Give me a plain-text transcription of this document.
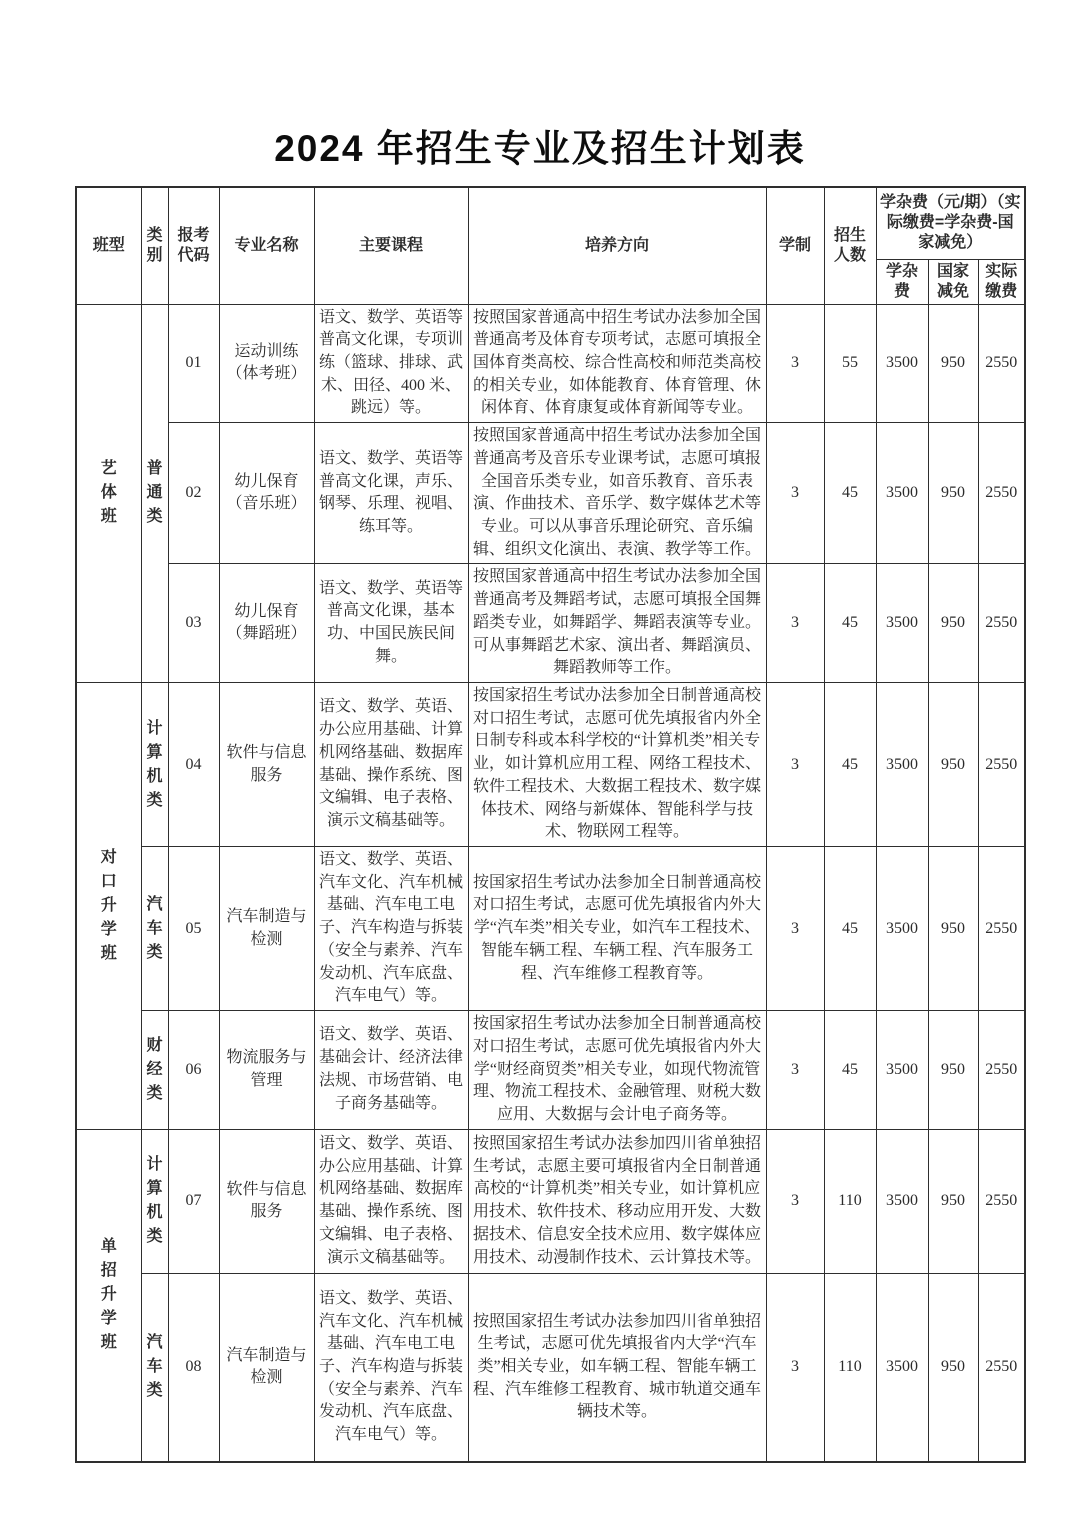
2024 年招生专业及招生计划表
班型	类别	报考代码	专业名称	主要课程	培养方向	学制	招生人数	学杂费（元/期）（实际缴费=学杂费-国家减免）		
								学杂费	国家减免	实际缴费
艺体班	普通类	01	运动训练（体考班）	语文、数学、英语等普高文化课，专项训练（篮球、排球、武术、田径、400 米、跳远）等。	按照国家普通高中招生考试办法参加全国普通高考及体育专项考试，志愿可填报全国体育类高校、综合性高校和师范类高校的相关专业，如体能教育、体育管理、休闲体育、体育康复或体育新闻等专业。	3	55	3500	950	2550
		02	幼儿保育（音乐班）	语文、数学、英语等普高文化课，声乐、钢琴、乐理、视唱、练耳等。	按照国家普通高中招生考试办法参加全国普通高考及音乐专业课考试，志愿可填报全国音乐类专业，如音乐教育、音乐表演、作曲技术、音乐学、数字媒体艺术等专业。可以从事音乐理论研究、音乐编辑、组织文化演出、表演、教学等工作。	3	45	3500	950	2550
		03	幼儿保育（舞蹈班）	语文、数学、英语等普高文化课，基本功、中国民族民间舞。	按照国家普通高中招生考试办法参加全国普通高考及舞蹈考试，志愿可填报全国舞蹈类专业，如舞蹈学、舞蹈表演等专业。可从事舞蹈艺术家、演出者、舞蹈演员、舞蹈教师等工作。	3	45	3500	950	2550
对口升学班	计算机类	04	软件与信息服务	语文、数学、英语、办公应用基础、计算机网络基础、数据库基础、操作系统、图文编辑、电子表格、演示文稿基础等。	按国家招生考试办法参加全日制普通高校对口招生考试，志愿可优先填报省内外全日制专科或本科学校的“计算机类”相关专业，如计算机应用工程、网络工程技术、软件工程技术、大数据工程技术、数字媒体技术、网络与新媒体、智能科学与技术、物联网工程等。	3	45	3500	950	2550
	汽车类	05	汽车制造与检测	语文、数学、英语、汽车文化、汽车机械基础、汽车电工电子、汽车构造与拆装（安全与素养、汽车发动机、汽车底盘、汽车电气）等。	按国家招生考试办法参加全日制普通高校对口招生考试，志愿可优先填报省内外大学“汽车类”相关专业，如汽车工程技术、智能车辆工程、车辆工程、汽车服务工程、汽车维修工程教育等。	3	45	3500	950	2550
	财经类	06	物流服务与管理	语文、数学、英语、基础会计、经济法律法规、市场营销、电子商务基础等。	按国家招生考试办法参加全日制普通高校对口招生考试，志愿可优先填报省内外大学“财经商贸类”相关专业，如现代物流管理、物流工程技术、金融管理、财税大数应用、大数据与会计电子商务等。	3	45	3500	950	2550
单招升学班	计算机类	07	软件与信息服务	语文、数学、英语、办公应用基础、计算机网络基础、数据库基础、操作系统、图文编辑、电子表格、演示文稿基础等。	按照国家招生考试办法参加四川省单独招生考试，志愿主要可填报省内全日制普通高校的“计算机类”相关专业，如计算机应用技术、软件技术、移动应用开发、大数据技术、信息安全技术应用、数字媒体应用技术、动漫制作技术、云计算技术等。	3	110	3500	950	2550
	汽车类	08	汽车制造与检测	语文、数学、英语、汽车文化、汽车机械基础、汽车电工电子、汽车构造与拆装（安全与素养、汽车发动机、汽车底盘、汽车电气）等。	按照国家招生考试办法参加四川省单独招生考试，志愿可优先填报省内大学“汽车类”相关专业，如车辆工程、智能车辆工程、汽车维修工程教育、城市轨道交通车辆技术等。	3	110	3500	950	2550
